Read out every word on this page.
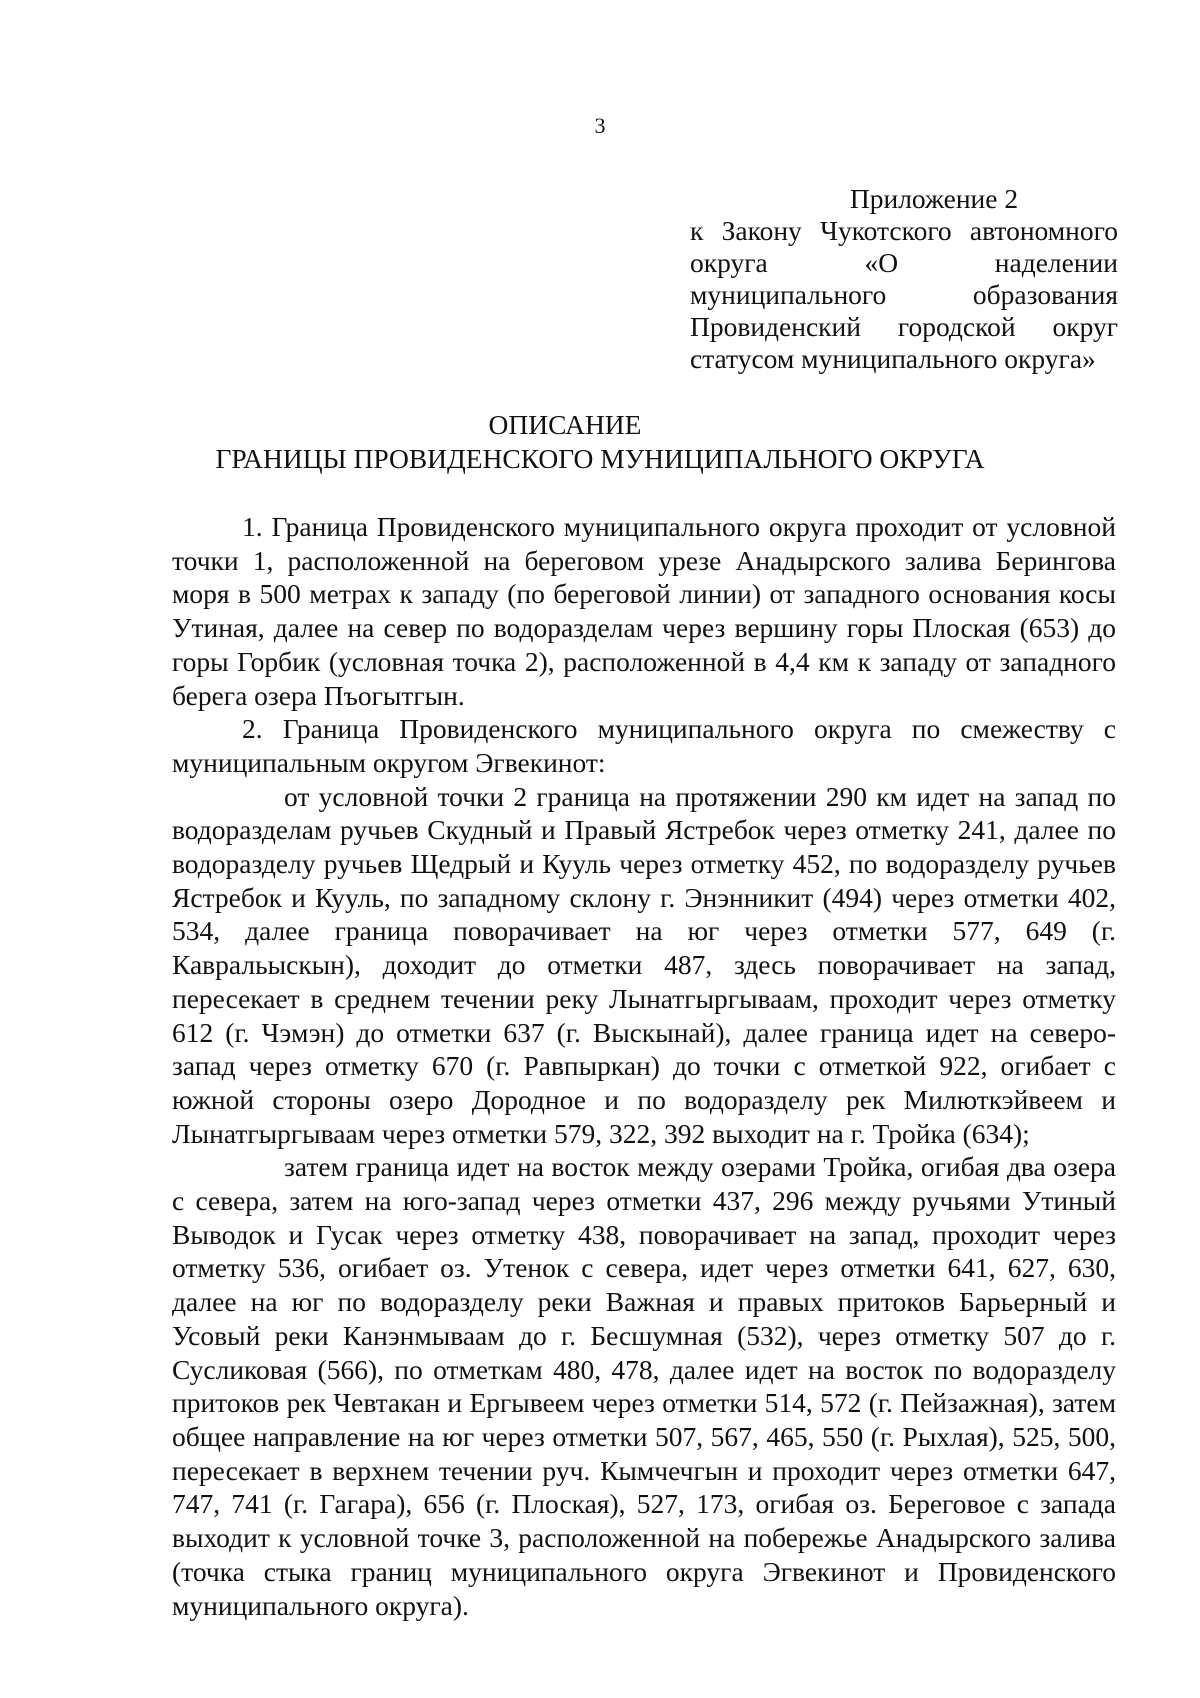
3
Приложение 2
к Закону Чукотского автономного
округа «О наделении
муниципального образования
Провиденский городской округ
статусом муниципального округа»
ОПИСАНИЕ
ГРАНИЦЫ ПРОВИДЕНСКОГО МУНИЦИПАЛЬНОГО ОКРУГА

1. Граница Провиденского муниципального округа проходит от условной точки 1, расположенной на береговом урезе Анадырского залива Берингова моря в 500 метрах к западу (по береговой линии) от западного основания косы Утиная, далее на север по водоразделам через вершину горы Плоская (653) до горы Горбик (условная точка 2), расположенной в 4,4 км к западу от западного берега озера Пъогытгын.

2. Граница Провиденского муниципального округа по смежеству с муниципальным округом Эгвекинот:

от условной точки 2 граница на протяжении 290 км идет на запад по водоразделам ручьев Скудный и Правый Ястребок через отметку 241, далее по водоразделу ручьев Щедрый и Кууль через отметку 452, по водоразделу ручьев Ястребок и Кууль, по западному склону г. Энэнникит (494) через отметки 402, 534, далее граница поворачивает на юг через отметки 577, 649 (г. Кавральыскын), доходит до отметки 487, здесь поворачивает на запад, пересекает в среднем течении реку Лынатгыргываам, проходит через отметку 612 (г. Чэмэн) до отметки 637 (г. Выскынай), далее граница идет на северо-запад через отметку 670 (г. Равпыркан) до точки с отметкой 922, огибает с южной стороны озеро Дородное и по водоразделу рек Милюткэйвеем и Лынатгыргываам через отметки 579, 322, 392 выходит на г. Тройка (634);

затем граница идет на восток между озерами Тройка, огибая два озера с севера, затем на юго-запад через отметки 437, 296 между ручьями Утиный Выводок и Гусак через отметку 438, поворачивает на запад, проходит через отметку 536, огибает оз. Утенок с севера, идет через отметки 641, 627, 630, далее на юг по водоразделу реки Важная и правых притоков Барьерный и Усовый реки Канэнмываам до г. Бесшумная (532), через отметку 507 до г. Сусликовая (566), по отметкам 480, 478, далее идет на восток по водоразделу притоков рек Чевтакан и Ергывеем через отметки 514, 572 (г. Пейзажная), затем общее направление на юг через отметки 507, 567, 465, 550 (г. Рыхлая), 525, 500, пересекает в верхнем течении руч. Кымчечгын и проходит через отметки 647, 747, 741 (г. Гагара), 656 (г. Плоская), 527, 173, огибая оз. Береговое с запада выходит к условной точке 3, расположенной на побережье Анадырского залива (точка стыка границ муниципального округа Эгвекинот и Провиденского муниципального округа).
